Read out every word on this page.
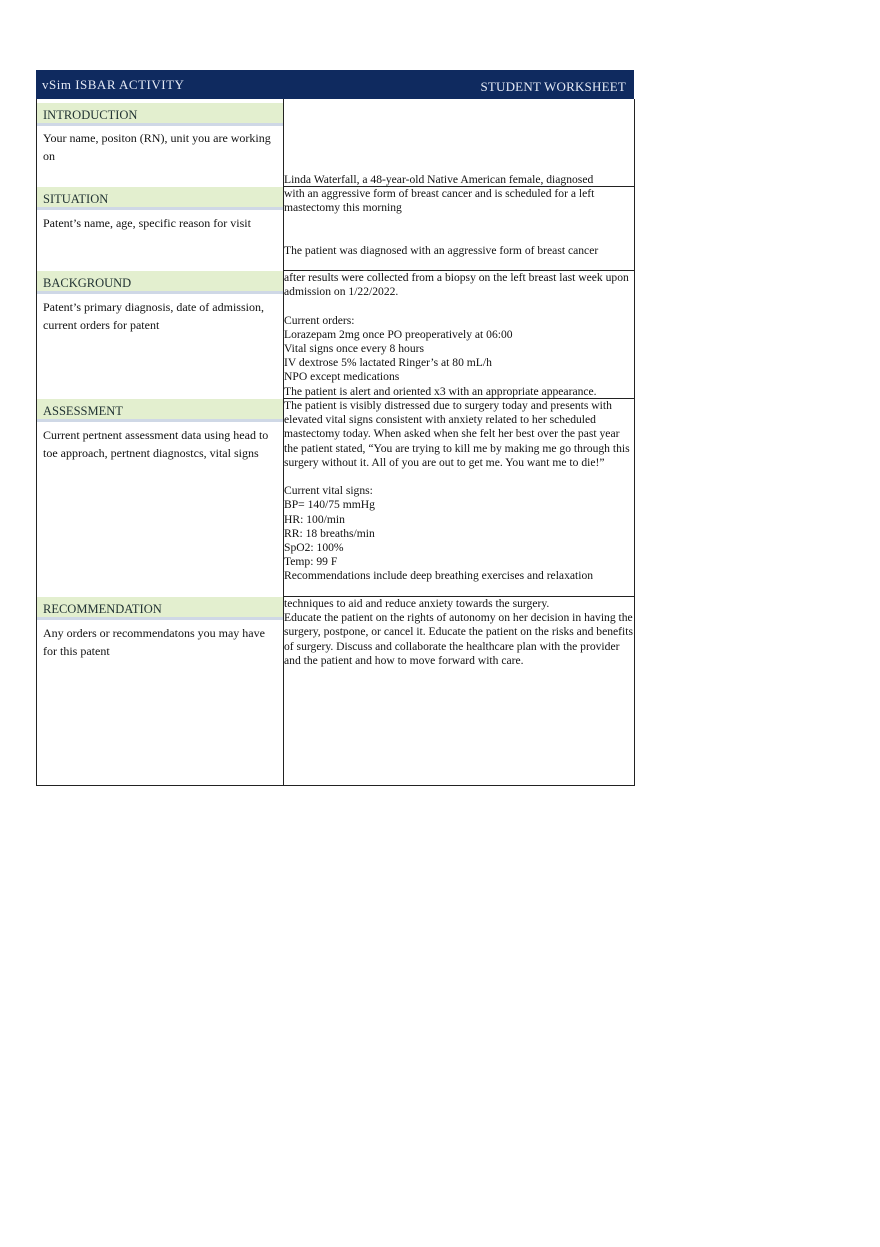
vSim ISBAR ACTIVITY	STUDENT WORKSHEET
INTRODUCTION
Your name, positon (RN), unit you are working on
Linda Waterfall, a 48-year-old Native American female, diagnosed
SITUATION
Patent’s name, age, specific reason for visit
with an aggressive form of breast cancer and is scheduled for a left mastectomy this morning

The patient was diagnosed with an aggressive form of breast cancer
BACKGROUND
Patent’s primary diagnosis, date of admission, current orders for patent
after results were collected from a biopsy on the left breast last week upon admission on 1/22/2022.

Current orders:
Lorazepam 2mg once PO preoperatively at 06:00
Vital signs once every 8 hours
IV dextrose 5% lactated Ringer’s at 80 mL/h
NPO except medications
The patient is alert and oriented x3 with an appropriate appearance.
ASSESSMENT
Current pertnent assessment data using head to toe approach, pertnent diagnostcs, vital signs
The patient is visibly distressed due to surgery today and presents with elevated vital signs consistent with anxiety related to her scheduled mastectomy today. When asked when she felt her best over the past year the patient stated, “You are trying to kill me by making me go through this surgery without it. All of you are out to get me. You want me to die!”

Current vital signs:
BP= 140/75 mmHg
HR: 100/min
RR: 18 breaths/min
SpO2: 100%
Temp: 99 F
Recommendations include deep breathing exercises and relaxation
RECOMMENDATION
Any orders or recommendatons you may have for this patent
techniques to aid and reduce anxiety towards the surgery.
Educate the patient on the rights of autonomy on her decision in having the surgery, postpone, or cancel it. Educate the patient on the risks and benefits of surgery. Discuss and collaborate the healthcare plan with the provider and the patient and how to move forward with care.
